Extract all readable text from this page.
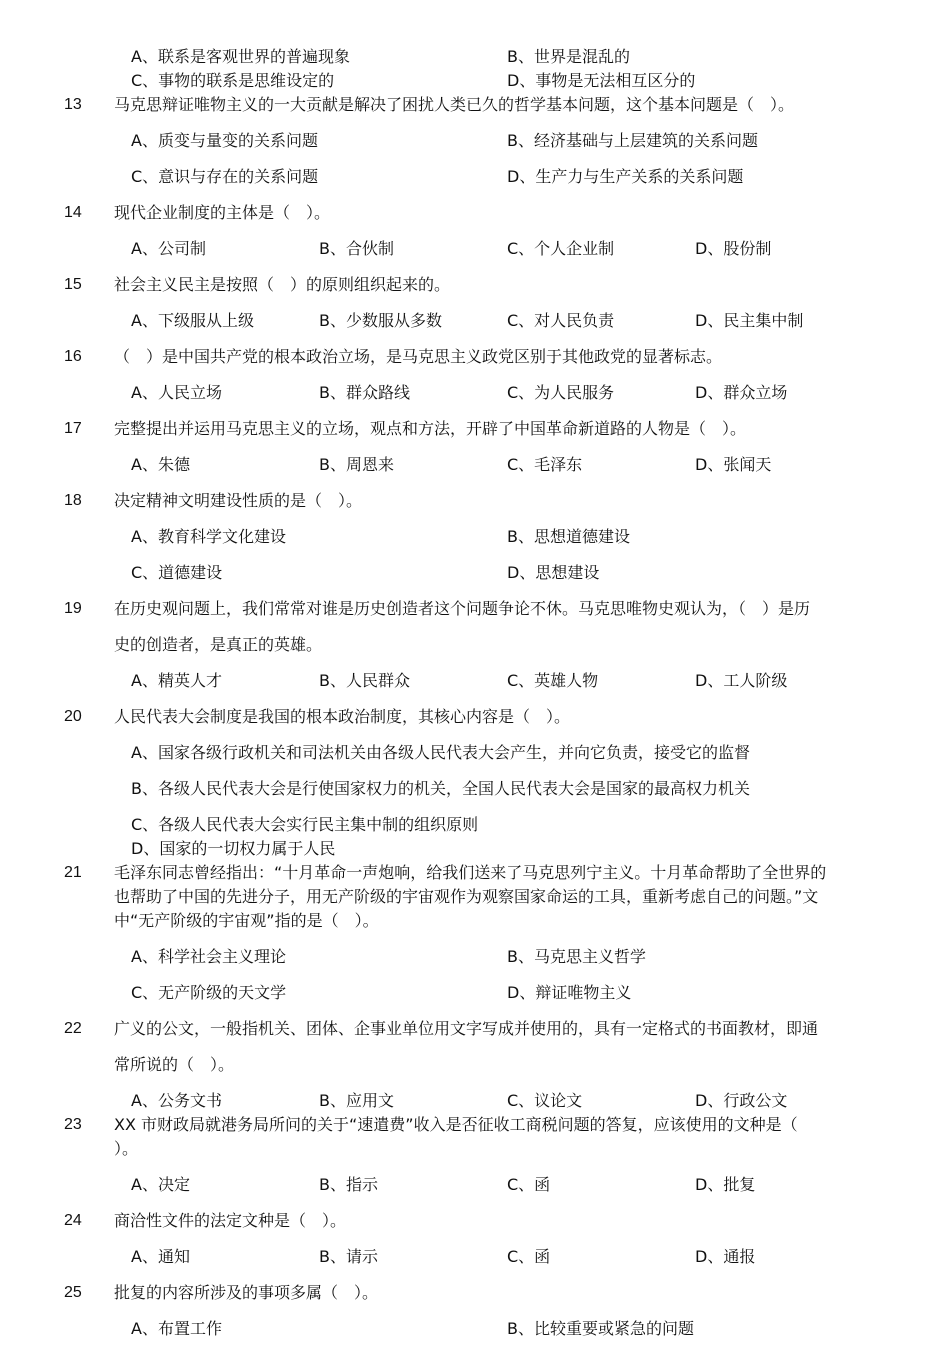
A、联系是客观世界的普遍现象	B、世界是混乱的
C、事物的联系是思维设定的	D、事物是无法相互区分的
13 马克思辩证唯物主义的一大贡献是解决了困扰人类已久的哲学基本问题，这个基本问题是（　）。
A、质变与量变的关系问题	B、经济基础与上层建筑的关系问题
C、意识与存在的关系问题	D、生产力与生产关系的关系问题
14 现代企业制度的主体是（　）。
A、公司制	B、合伙制	C、个人企业制	D、股份制
15 社会主义民主是按照（　）的原则组织起来的。
A、下级服从上级	B、少数服从多数	C、对人民负责	D、民主集中制
16 （　）是中国共产党的根本政治立场，是马克思主义政党区别于其他政党的显著标志。
A、人民立场	B、群众路线	C、为人民服务	D、群众立场
17 完整提出并运用马克思主义的立场，观点和方法，开辟了中国革命新道路的人物是（　）。
A、朱德	B、周恩来	C、毛泽东	D、张闻天
18 决定精神文明建设性质的是（　）。
A、教育科学文化建设	B、思想道德建设
C、道德建设	D、思想建设
19 在历史观问题上，我们常常对谁是历史创造者这个问题争论不休。马克思唯物史观认为，（　）是历
史的创造者，是真正的英雄。
A、精英人才	B、人民群众	C、英雄人物	D、工人阶级
20 人民代表大会制度是我国的根本政治制度，其核心内容是（　）。
A、国家各级行政机关和司法机关由各级人民代表大会产生，并向它负责，接受它的监督
B、各级人民代表大会是行使国家权力的机关，全国人民代表大会是国家的最高权力机关
C、各级人民代表大会实行民主集中制的组织原则
D、国家的一切权力属于人民
21 毛泽东同志曾经指出：“十月革命一声炮响，给我们送来了马克思列宁主义。十月革命帮助了全世界的
也帮助了中国的先进分子，用无产阶级的宇宙观作为观察国家命运的工具，重新考虑自己的问题。”文
中“无产阶级的宇宙观”指的是（　）。
A、科学社会主义理论	B、马克思主义哲学
C、无产阶级的天文学	D、辩证唯物主义
22 广义的公文，一般指机关、团体、企事业单位用文字写成并使用的，具有一定格式的书面教材，即通
常所说的（　）。
A、公务文书	B、应用文	C、议论文	D、行政公文
23 XX 市财政局就港务局所问的关于“速遣费”收入是否征收工商税问题的答复，应该使用的文种是（
）。
A、决定	B、指示	C、函	D、批复
24 商洽性文件的法定文种是（　）。
A、通知	B、请示	C、函	D、通报
25 批复的内容所涉及的事项多属（　）。
A、布置工作	B、比较重要或紧急的问题
